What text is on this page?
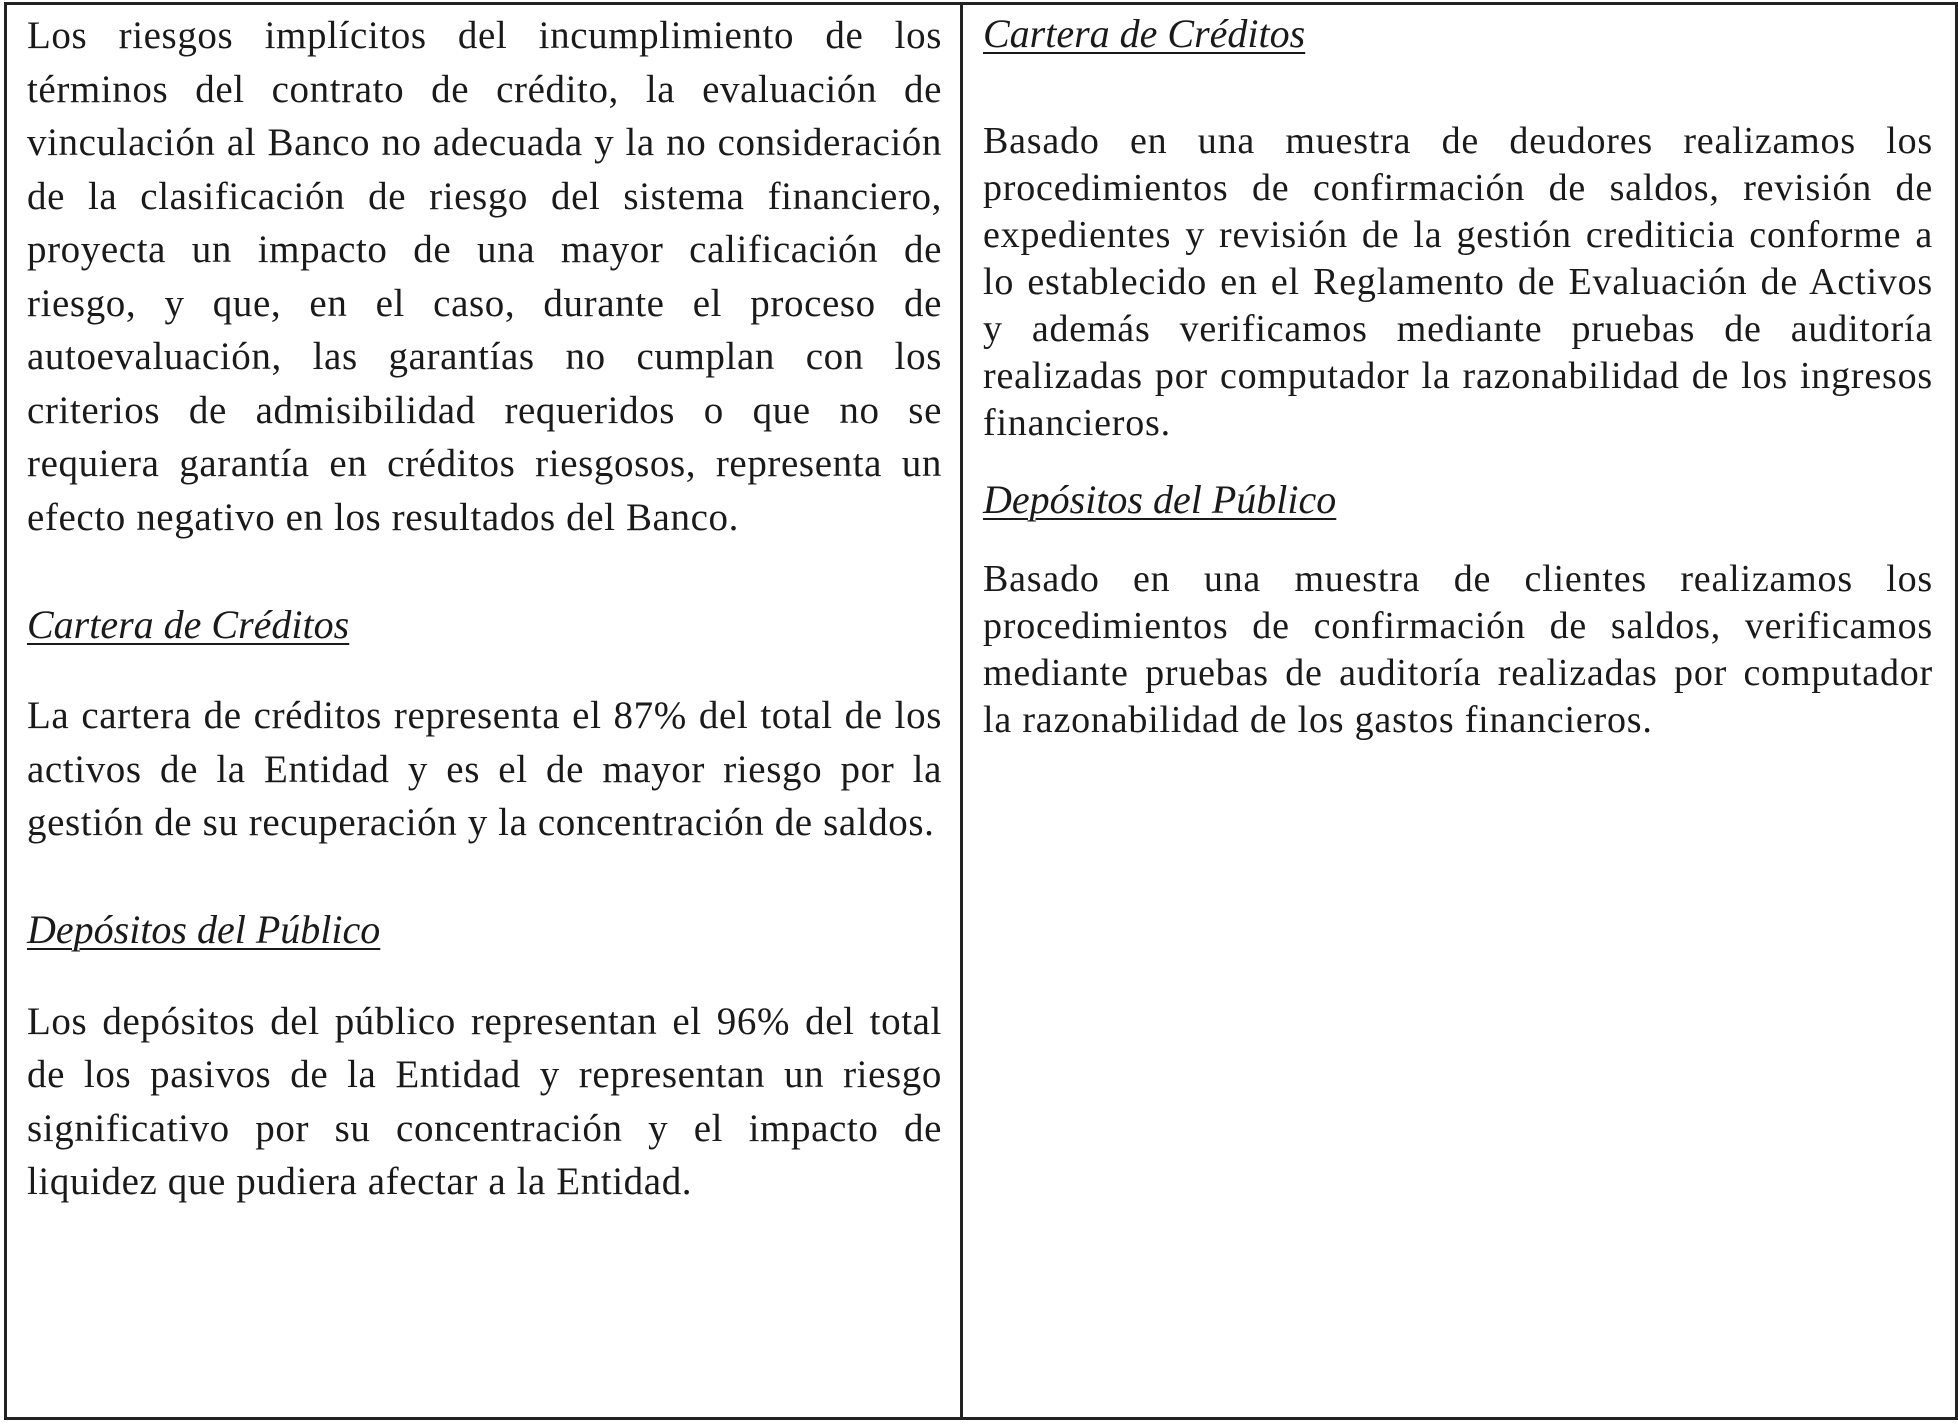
Los riesgos implícitos del incumplimiento de los términos del contrato de crédito, la evaluación de vinculación al Banco no adecuada y la no consideración de la clasificación de riesgo del sistema financiero, proyecta un impacto de una mayor calificación de riesgo, y que, en el caso, durante el proceso de autoevaluación, las garantías no cumplan con los criterios de admisibilidad requeridos o que no se requiera garantía en créditos riesgosos, representa un efecto negativo en los resultados del Banco.

Cartera de Créditos

La cartera de créditos representa el 87% del total de los activos de la Entidad y es el de mayor riesgo por la gestión de su recuperación y la concentración de saldos.

Depósitos del Público

Los depósitos del público representan el 96% del total de los pasivos de la Entidad y representan un riesgo significativo por su concentración y el impacto de liquidez que pudiera afectar a la Entidad.

Cartera de Créditos

Basado en una muestra de deudores realizamos los procedimientos de confirmación de saldos, revisión de expedientes y revisión de la gestión crediticia conforme a lo establecido en el Reglamento de Evaluación de Activos y además verificamos mediante pruebas de auditoría realizadas por computador la razonabilidad de los ingresos financieros.

Depósitos del Público

Basado en una muestra de clientes realizamos los procedimientos de confirmación de saldos, verificamos mediante pruebas de auditoría realizadas por computador la razonabilidad de los gastos financieros.
